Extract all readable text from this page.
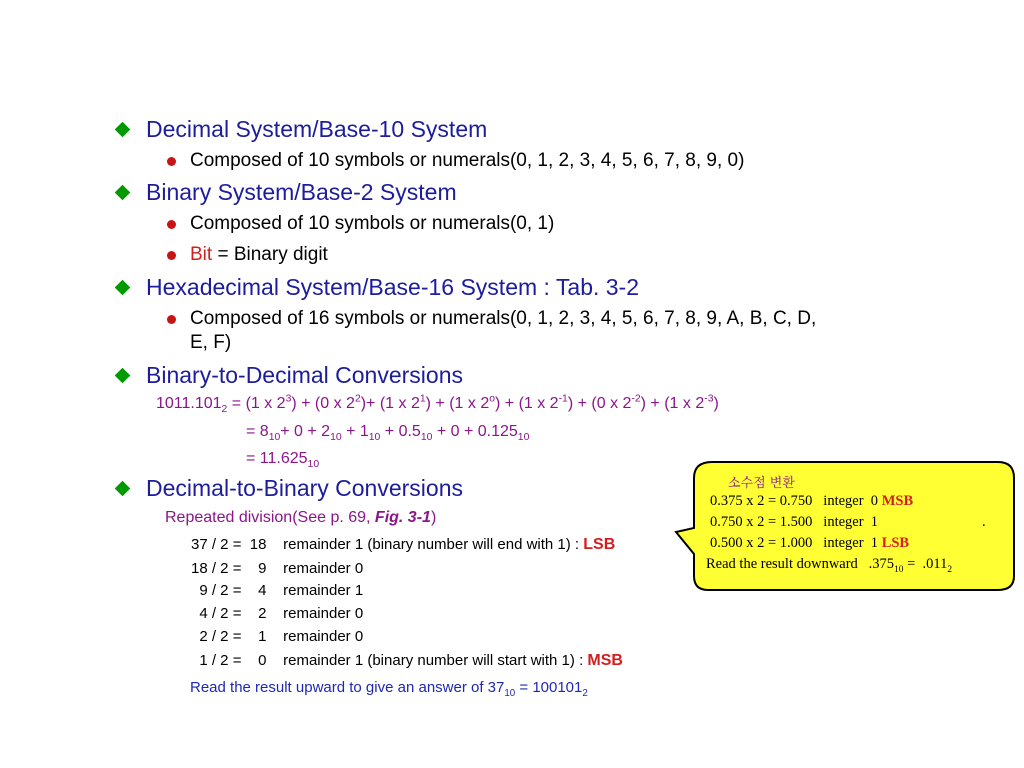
Decimal System/Base-10 System
Composed of 10 symbols or numerals(0, 1, 2, 3, 4, 5, 6, 7, 8, 9, 0)
Binary System/Base-2 System
Composed of 10 symbols or numerals(0, 1)
Bit = Binary digit
Hexadecimal System/Base-16 System : Tab. 3-2
Composed of 16 symbols or numerals(0, 1, 2, 3, 4, 5, 6, 7, 8, 9, A, B, C, D,
E, F)
Binary-to-Decimal Conversions
$1011.101_2 = (1$ x $2^3) + (0$ x $2^2)+ (1$ x $2^1) + (1$ x $2^o) + (1$ x $2^{-1}) + (0$ x $2^{-2}) + (1$ x $2^{-3}$)
= $8_{10}+ 0 + 2_{10} + 1_{10} + 0.5_{10} + 0 + 0.125_{10}$
= $11.625_{10}$
Decimal-to-Binary Conversions
Repeated division(See p. 69, Fig. 3-1)
37 / 2 =  18    remainder 1 (binary number will end with 1) : LSB
18 / 2 =    9    remainder 0
9 / 2 =    4    remainder 1
4 / 2 =    2    remainder 0
2 / 2 =    1    remainder 0
1 / 2 =    0    remainder 1 (binary number will start with 1) : MSB
Read the result upward to give an answer of $37_{10} = 100101_2$
소수점 변환
0.375 x 2 = 0.750   integer  0 MSB
0.750 x 2 = 1.500   integer  1	.
0.500 x 2 = 1.000   integer  1 LSB
Read the result downward   $.375_{10} = .011_2$
